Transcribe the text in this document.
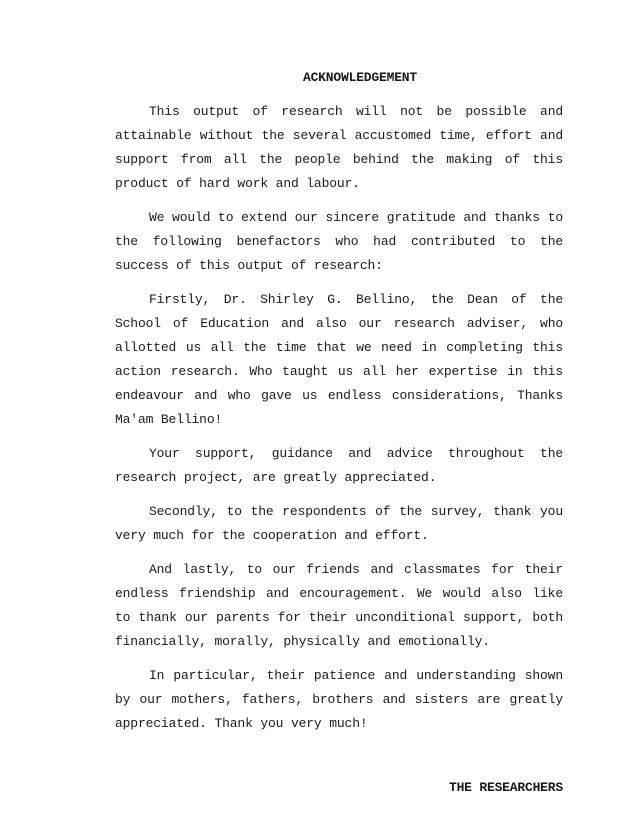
ACKNOWLEDGEMENT

This output of research will not be possible and attainable without the several accustomed time, effort and support from all the people behind the making of this product of hard work and labour.

We would to extend our sincere gratitude and thanks to the following benefactors who had contributed to the success of this output of research:

Firstly, Dr. Shirley G. Bellino, the Dean of the School of Education and also our research adviser, who allotted us all the time that we need in completing this action research. Who taught us all her expertise in this endeavour and who gave us endless considerations, Thanks Ma'am Bellino!

Your support, guidance and advice throughout the research project, are greatly appreciated.

Secondly, to the respondents of the survey, thank you very much for the cooperation and effort.

And lastly, to our friends and classmates for their endless friendship and encouragement. We would also like to thank our parents for their unconditional support, both financially, morally, physically and emotionally.

In particular, their patience and understanding shown by our mothers, fathers, brothers and sisters are greatly appreciated. Thank you very much!

THE RESEARCHERS
